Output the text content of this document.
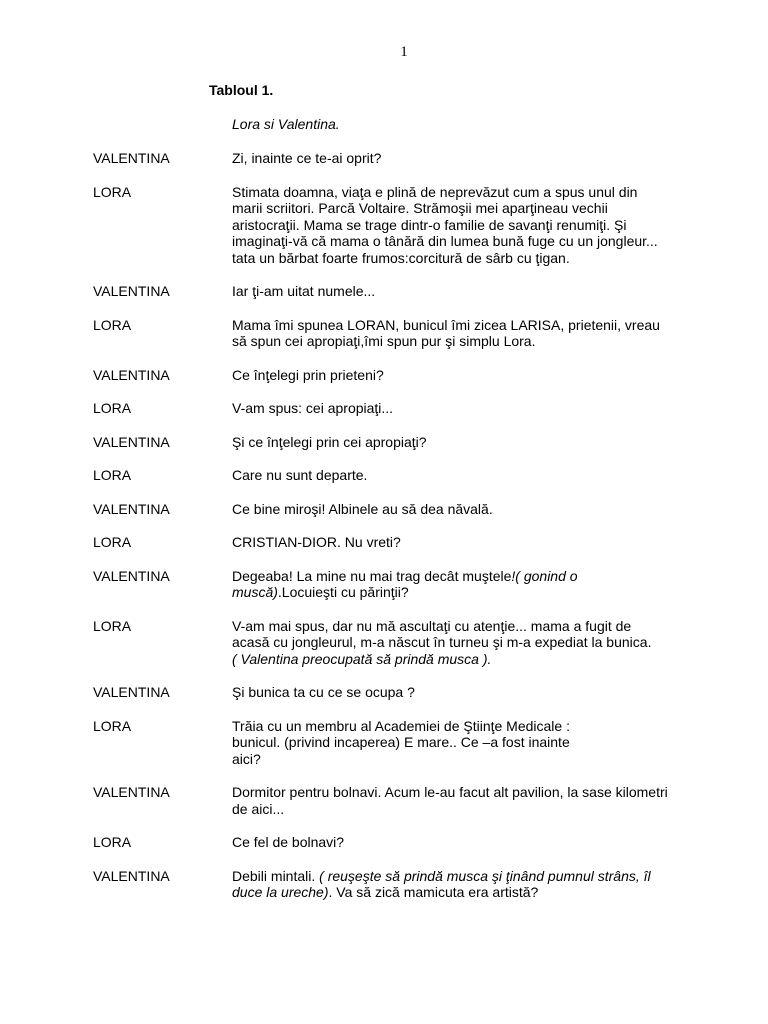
1
Tabloul 1.
Lora si Valentina.
VALENTINA	Zi, inainte ce te-ai oprit?
LORA	Stimata doamna, viaţa e plină de neprevăzut cum a spus unul din
marii scriitori. Parcă Voltaire. Strămoşii mei aparţineau vechii
aristocraţii. Mama se trage dintr-o familie de savanţi renumiţi. Şi
imaginaţi-vă că mama o tânără din lumea bună fuge cu un jongleur...
tata un bărbat foarte frumos:corcitură de sârb cu ţigan.
VALENTINA	Iar ţi-am uitat numele...
LORA	Mama îmi spunea LORAN, bunicul îmi zicea LARISA, prietenii, vreau
să spun cei apropiaţi,îmi spun pur şi simplu Lora.
VALENTINA	Ce înţelegi prin prieteni?
LORA	V-am spus: cei apropiaţi...
VALENTINA	Şi ce înţelegi prin cei apropiaţi?
LORA	Care nu sunt departe.
VALENTINA	Ce bine miroşi! Albinele au să dea năvală.
LORA	CRISTIAN-DIOR. Nu vreti?
VALENTINA	Degeaba! La mine nu mai trag decât muştele!( gonind o
muscă).Locuieşti cu părinţii?
LORA	V-am mai spus, dar nu mă ascultaţi cu atenţie... mama a fugit de
acasă cu jongleurul, m-a născut în turneu şi m-a expediat la bunica.
( Valentina preocupată să prindă musca ).
VALENTINA	Şi bunica ta cu ce se ocupa ?
LORA	Trăia cu un membru al Academiei de Ştiinţe Medicale :
bunicul. (privind incaperea) E mare.. Ce –a fost inainte
aici?
VALENTINA	Dormitor pentru bolnavi. Acum le-au facut alt pavilion, la sase kilometri
de aici...
LORA	Ce fel de bolnavi?
VALENTINA	Debili mintali. ( reuşeşte să prindă musca şi ţinând pumnul strâns, îl
duce la ureche). Va să zică mamicuta era artistă?
